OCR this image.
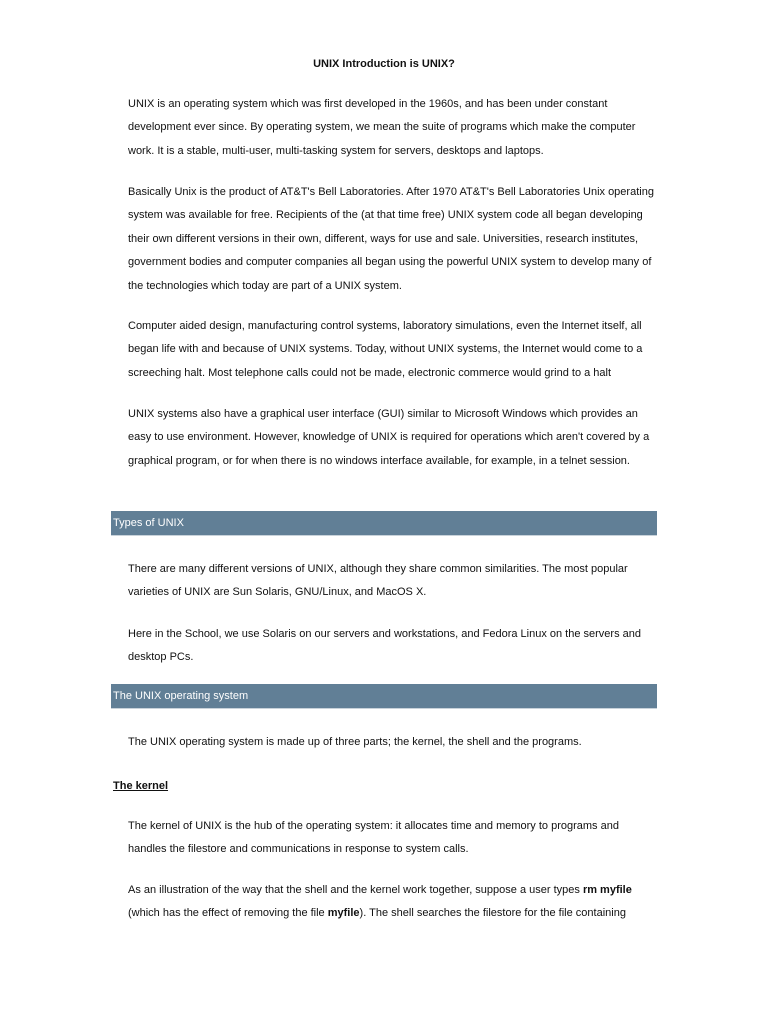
UNIX Introduction is UNIX?

UNIX is an operating system which was first developed in the 1960s, and has been under constant development ever since. By operating system, we mean the suite of programs which make the computer work. It is a stable, multi-user, multi-tasking system for servers, desktops and laptops.

Basically Unix is the product of AT&T's Bell Laboratories. After 1970 AT&T's Bell Laboratories Unix operating system was available for free. Recipients of the (at that time free) UNIX system code all began developing their own different versions in their own, different, ways for use and sale. Universities, research institutes, government bodies and computer companies all began using the powerful UNIX system to develop many of the technologies which today are part of a UNIX system.

Computer aided design, manufacturing control systems, laboratory simulations, even the Internet itself, all began life with and because of UNIX systems. Today, without UNIX systems, the Internet would come to a screeching halt. Most telephone calls could not be made, electronic commerce would grind to a halt

UNIX systems also have a graphical user interface (GUI) similar to Microsoft Windows which provides an easy to use environment. However, knowledge of UNIX is required for operations which aren't covered by a graphical program, or for when there is no windows interface available, for example, in a telnet session.

Types of UNIX

There are many different versions of UNIX, although they share common similarities. The most popular varieties of UNIX are Sun Solaris, GNU/Linux, and MacOS X.

Here in the School, we use Solaris on our servers and workstations, and Fedora Linux on the servers and desktop PCs.

The UNIX operating system

The UNIX operating system is made up of three parts; the kernel, the shell and the programs.

The kernel

The kernel of UNIX is the hub of the operating system: it allocates time and memory to programs and handles the filestore and communications in response to system calls.

As an illustration of the way that the shell and the kernel work together, suppose a user types rm myfile (which has the effect of removing the file myfile). The shell searches the filestore for the file containing
